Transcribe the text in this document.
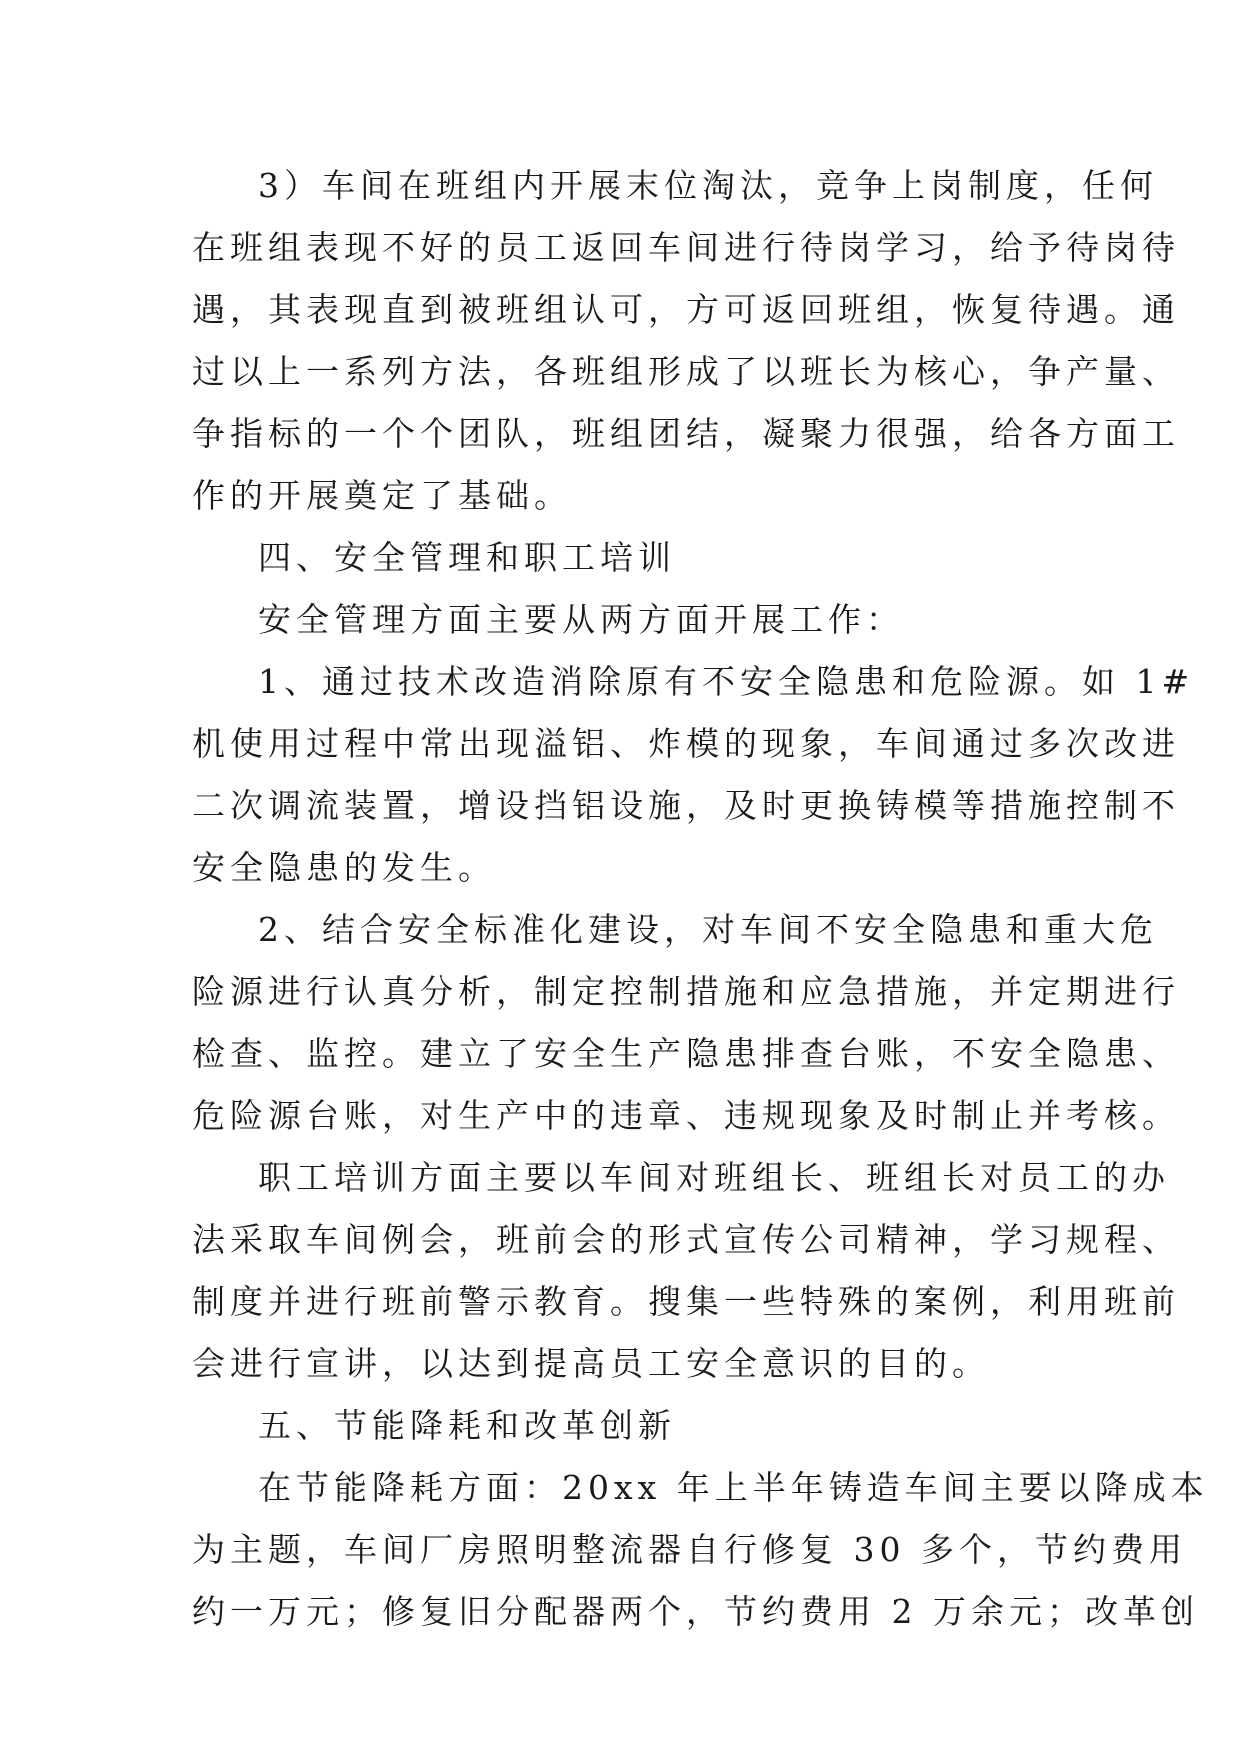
3）车间在班组内开展末位淘汰，竞争上岗制度，任何
在班组表现不好的员工返回车间进行待岗学习，给予待岗待
遇，其表现直到被班组认可，方可返回班组，恢复待遇。通
过以上一系列方法，各班组形成了以班长为核心，争产量、
争指标的一个个团队，班组团结，凝聚力很强，给各方面工
作的开展奠定了基础。
四、安全管理和职工培训
安全管理方面主要从两方面开展工作：
1、通过技术改造消除原有不安全隐患和危险源。如 1#
机使用过程中常出现溢铝、炸模的现象，车间通过多次改进
二次调流装置，增设挡铝设施，及时更换铸模等措施控制不
安全隐患的发生。
2、结合安全标准化建设，对车间不安全隐患和重大危
险源进行认真分析，制定控制措施和应急措施，并定期进行
检查、监控。建立了安全生产隐患排查台账，不安全隐患、
危险源台账，对生产中的违章、违规现象及时制止并考核。
职工培训方面主要以车间对班组长、班组长对员工的办
法采取车间例会，班前会的形式宣传公司精神，学习规程、
制度并进行班前警示教育。搜集一些特殊的案例，利用班前
会进行宣讲，以达到提高员工安全意识的目的。
五、节能降耗和改革创新
在节能降耗方面：20xx 年上半年铸造车间主要以降成本
为主题，车间厂房照明整流器自行修复 30 多个，节约费用
约一万元；修复旧分配器两个，节约费用 2 万余元；改革创
